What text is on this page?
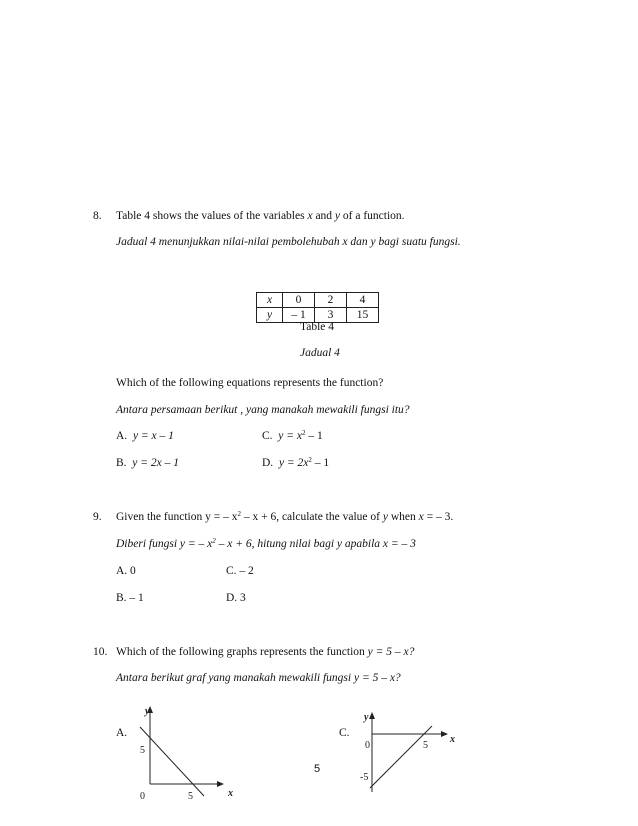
8. Table 4 shows the values of the variables x and y of a function.
Jadual 4 menunjukkan nilai-nilai pembolehubah x dan y bagi suatu fungsi.
x	0	2	4
y	– 1	3	15
Table 4
Jadual 4
Which of the following equations represents the function?
Antara persamaan berikut , yang manakah mewakili fungsi itu?
A. y = x – 1	C. $y = x^2 - 1$
B. y = 2x – 1	D. $y = 2x^2 - 1$
9. Given the function y = – $x^2 - x + 6$, calculate the value of y when x = – 3.
Diberi fungsi y = – $x^2 - x + 6$, hitung nilai bagi y apabila x = – 3
A. 0	C. – 2
B. – 1	D. 3
10. Which of the following graphs represents the function y = 5 – x?
Antara berikut graf yang manakah mewakili fungsi y = 5 – x?
A.
y
5
0	5	x
C.
y
0	5
x
-5
5
